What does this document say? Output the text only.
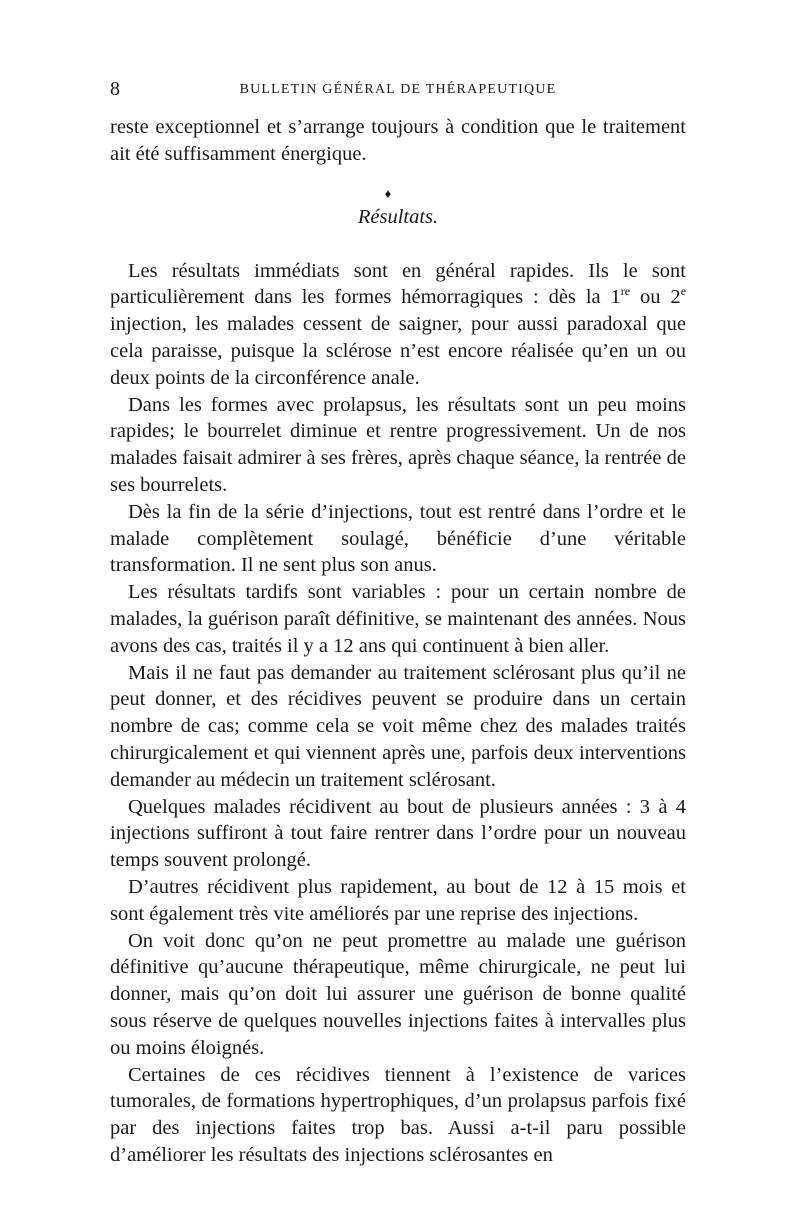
8	BULLETIN GÉNÉRAL DE THÉRAPEUTIQUE

reste exceptionnel et s’arrange toujours à condition que le traitement ait été suffisamment énergique.

♦
Résultats.

Les résultats immédiats sont en général rapides. Ils le sont particulièrement dans les formes hémorragiques : dès la 1re ou 2e injection, les malades cessent de saigner, pour aussi paradoxal que cela paraisse, puisque la sclérose n’est encore réalisée qu’en un ou deux points de la circonférence anale.

Dans les formes avec prolapsus, les résultats sont un peu moins rapides; le bourrelet diminue et rentre progressivement. Un de nos malades faisait admirer à ses frères, après chaque séance, la rentrée de ses bourrelets.

Dès la fin de la série d’injections, tout est rentré dans l’ordre et le malade complètement soulagé, bénéficie d’une véritable transformation. Il ne sent plus son anus.

Les résultats tardifs sont variables : pour un certain nombre de malades, la guérison paraît définitive, se maintenant des années. Nous avons des cas, traités il y a 12 ans qui continuent à bien aller.

Mais il ne faut pas demander au traitement sclérosant plus qu’il ne peut donner, et des récidives peuvent se produire dans un certain nombre de cas; comme cela se voit même chez des malades traités chirurgicalement et qui viennent après une, parfois deux interventions demander au médecin un traitement sclérosant.

Quelques malades récidivent au bout de plusieurs années : 3 à 4 injections suffiront à tout faire rentrer dans l’ordre pour un nouveau temps souvent prolongé.

D’autres récidivent plus rapidement, au bout de 12 à 15 mois et sont également très vite améliorés par une reprise des injections.

On voit donc qu’on ne peut promettre au malade une guérison définitive qu’aucune thérapeutique, même chirurgicale, ne peut lui donner, mais qu’on doit lui assurer une guérison de bonne qualité sous réserve de quelques nouvelles injections faites à intervalles plus ou moins éloignés.

Certaines de ces récidives tiennent à l’existence de varices tumorales, de formations hypertrophiques, d’un prolapsus parfois fixé par des injections faites trop bas. Aussi a-t-il paru possible d’améliorer les résultats des injections sclérosantes en
